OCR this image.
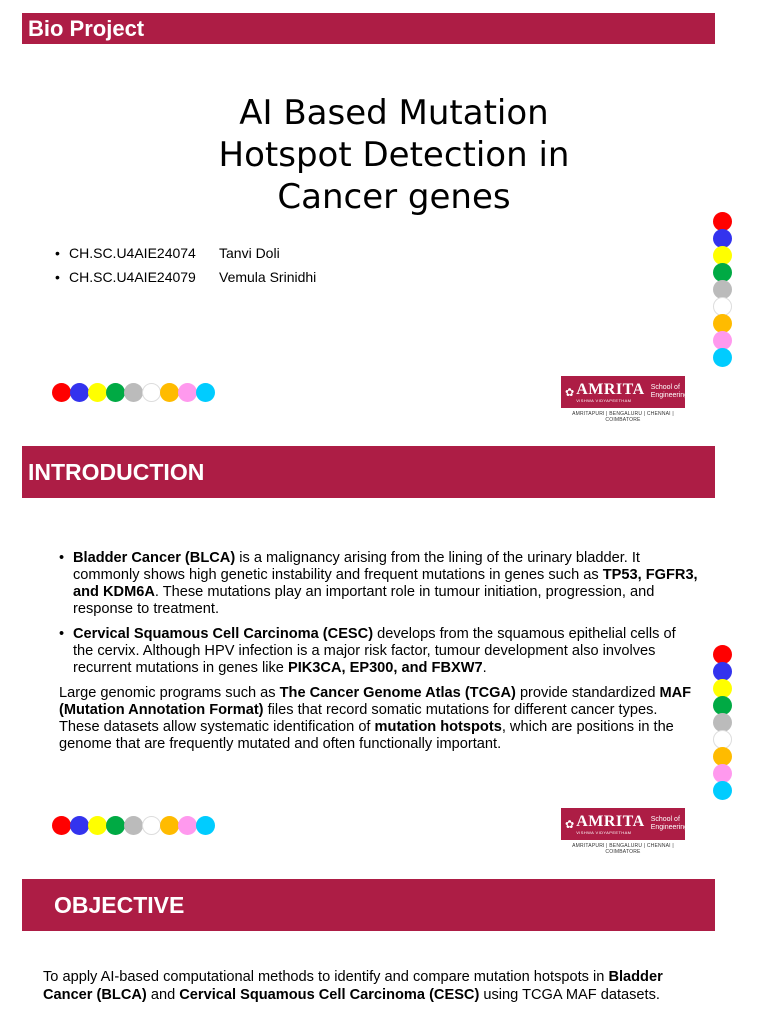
Bio Project
AI Based Mutation
Hotspot Detection in
Cancer genes
• CH.SC.U4AIE24074 Tanvi Doli
• CH.SC.U4AIE24079 Vemula Srinidhi
✿ AMRITA
VISHWA VIDYAPEETHAM
School of
Engineering
AMRITAPURI | BENGALURU | CHENNAI | COIMBATORE
INTRODUCTION
• Bladder Cancer (BLCA) is a malignancy arising from the lining of the urinary bladder. It commonly shows high genetic instability and frequent mutations in genes such as TP53, FGFR3, and KDM6A. These mutations play an important role in tumour initiation, progression, and response to treatment.
• Cervical Squamous Cell Carcinoma (CESC) develops from the squamous epithelial cells of the cervix. Although HPV infection is a major risk factor, tumour development also involves recurrent mutations in genes like PIK3CA, EP300, and FBXW7.

Large genomic programs such as The Cancer Genome Atlas (TCGA) provide standardized MAF (Mutation Annotation Format) files that record somatic mutations for different cancer types. These datasets allow systematic identification of mutation hotspots, which are positions in the genome that are frequently mutated and often functionally important.

✿ AMRITA
VISHWA VIDYAPEETHAM
School of
Engineering
AMRITAPURI | BENGALURU | CHENNAI | COIMBATORE
OBJECTIVE
To apply AI-based computational methods to identify and compare mutation hotspots in Bladder Cancer (BLCA) and Cervical Squamous Cell Carcinoma (CESC) using TCGA MAF datasets.
